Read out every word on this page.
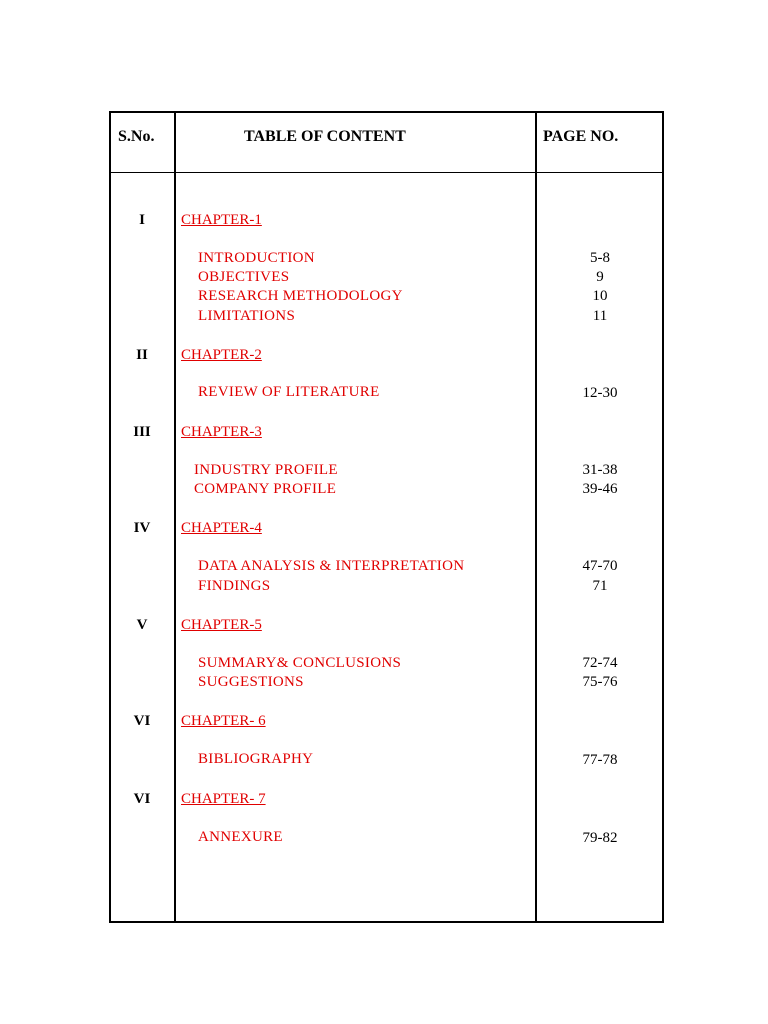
S.No.	TABLE OF CONTENT	PAGE NO.
I	CHAPTER-1
INTRODUCTION	5-8
OBJECTIVES	9
RESEARCH METHODOLOGY	10
LIMITATIONS	11
II	CHAPTER-2
REVIEW OF LITERATURE	12-30
III	CHAPTER-3
INDUSTRY PROFILE	31-38
COMPANY PROFILE	39-46
IV	CHAPTER-4
DATA ANALYSIS & INTERPRETATION	47-70
FINDINGS	71
V	CHAPTER-5
SUMMARY& CONCLUSIONS	72-74
SUGGESTIONS	75-76
VI	CHAPTER- 6
BIBLIOGRAPHY	77-78
VI	CHAPTER- 7
ANNEXURE	79-82
